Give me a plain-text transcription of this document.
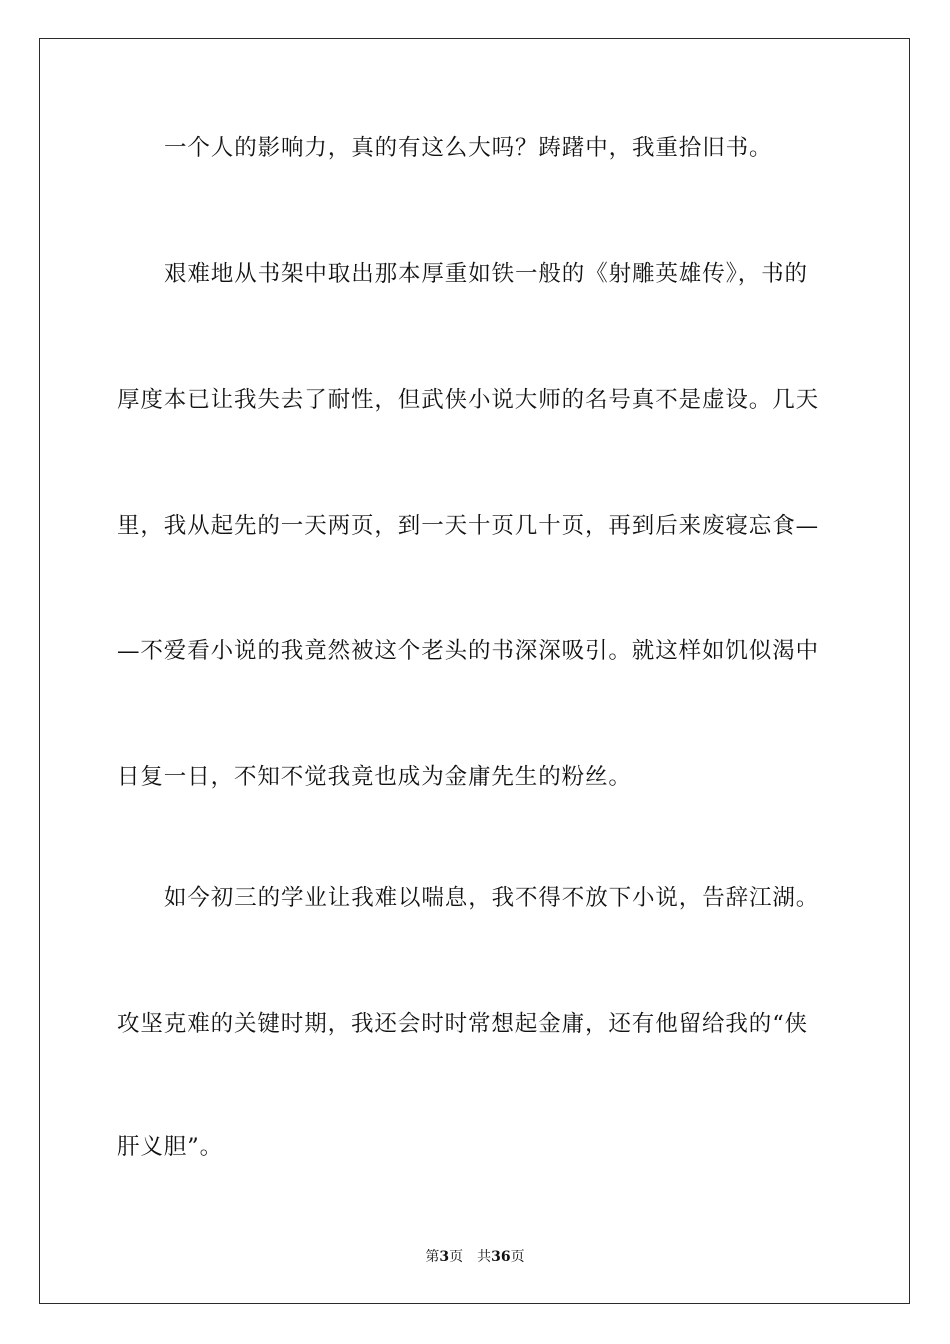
一个人的影响力，真的有这么大吗？踌躇中，我重拾旧书。

艰难地从书架中取出那本厚重如铁一般的《射雕英雄传》，书的

厚度本已让我失去了耐性，但武侠小说大师的名号真不是虚设。几天

里，我从起先的一天两页，到一天十页几十页，再到后来废寝忘食—

—不爱看小说的我竟然被这个老头的书深深吸引。就这样如饥似渴中

日复一日，不知不觉我竟也成为金庸先生的粉丝。

如今初三的学业让我难以喘息，我不得不放下小说，告辞江湖。

攻坚克难的关键时期，我还会时时常想起金庸，还有他留给我的“侠

肝义胆”。

第3页 共36页
